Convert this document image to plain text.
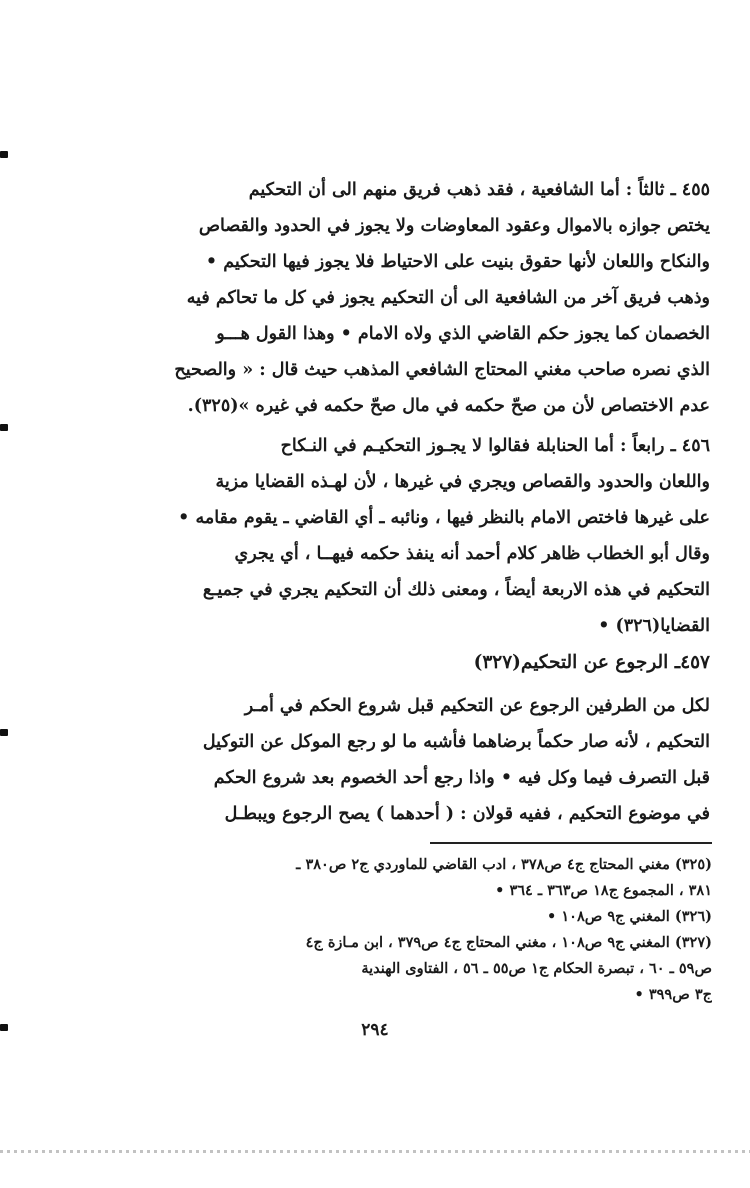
٤٥٥ ـ ثالثاً : أما الشافعية ، فقد ذهب فريق منهم الى أن التحكيم
يختص جوازه بالاموال وعقود المعاوضات ولا يجوز في الحدود والقصاص
والنكاح واللعان لأنها حقوق بنيت على الاحتياط فلا يجوز فيها التحكيم •
وذهب فريق آخر من الشافعية الى أن التحكيم يجوز في كل ما تحاكم فيه
الخصمان كما يجوز حكم القاضي الذي ولاه الامام • وهذا القول هـــو
الذي نصره صاحب مغني المحتاج الشافعي المذهب حيث قال : « والصحيح
عدم الاختصاص لأن من صحّ حكمه في مال صحّ حكمه في غيره »(٣٢٥).
٤٥٦ ـ رابعاً : أما الحنابلة فقالوا لا يجـوز التحكيـم في النـكاح
واللعان والحدود والقصاص ويجري في غيرها ، لأن لهـذه القضايا مزية
على غيرها فاختص الامام بالنظر فيها ، ونائبه ـ أي القاضي ـ يقوم مقامه •
وقال أبو الخطاب ظاهر كلام أحمد أنه ينفذ حكمه فيهــا ، أي يجري
التحكيم في هذه الاربعة أيضاً ، ومعنى ذلك أن التحكيم يجري في جميـع
القضايا(٣٢٦) •
٤٥٧ـ الرجوع عن التحكيم(٣٢٧)
لكل من الطرفين الرجوع عن التحكيم قبل شروع الحكم في أمـر
التحكيم ، لأنه صار حكماً برضاهما فأشبه ما لو رجع الموكل عن التوكيل
قبل التصرف فيما وكل فيه • واذا رجع أحد الخصوم بعد شروع الحكم
في موضوع التحكيم ، ففيه قولان : ( أحدهما ) يصح الرجوع ويبطـل
(٣٢٥) مغني المحتاج ج٤ ص٣٧٨ ، ادب القاضي للماوردي ج٢ ص٣٨٠ ـ
٣٨١ ، المجموع ج١٨ ص٣٦٣ ـ ٣٦٤ •
(٣٢٦) المغني ج٩ ص١٠٨ •
(٣٢٧) المغني ج٩ ص١٠٨ ، مغني المحتاج ج٤ ص٣٧٩ ، ابن مـازة ج٤
ص٥٩ ـ ٦٠ ، تبصرة الحكام ج١ ص٥٥ ـ ٥٦ ، الفتاوى الهندية
ج٣ ص٣٩٩ •
٢٩٤
